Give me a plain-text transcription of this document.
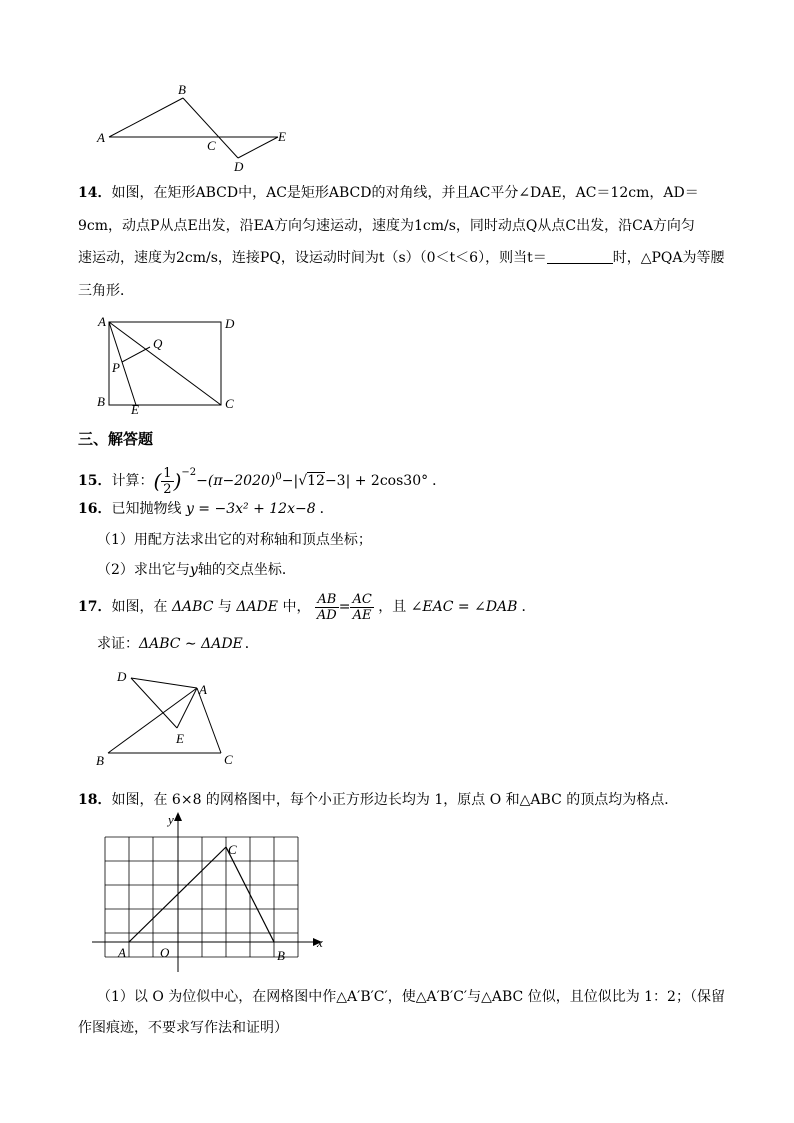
A
B
C
D
E
14．如图，在矩形ABCD中，AC是矩形ABCD的对角线，并且AC平分∠DAE，AC＝12cm，AD＝
9cm，动点P从点E出发，沿EA方向匀速运动，速度为1cm/s，同时动点Q从点C出发，沿CA方向匀
速运动，速度为2cm/s，连接PQ，设运动时间为t（s）（0＜t＜6），则当t＝	时，△PQA为等腰
三角形．
A	D
Q
P
B
E	C
三、解答题
15．计算：( $\frac{1}{2} )^{-2}-(\pi-2020)^0-|√12-3| + 2\cos 30^\circ$ ．
16．已知抛物线 y = −3x² + 12x−8 ．
（1）用配方法求出它的对称轴和顶点坐标；
（2）求出它与y轴的交点坐标．
17．如图，在 ΔABC 与 ΔADE 中， $\frac{AB}{AD} = \frac{AC}{AE}$ ，且 ∠EAC = ∠DAB ．
求证：ΔABC ∼ ΔADE ．
D
A
E
B	C
18．如图，在 6×8 的网格图中，每个小正方形边长均为 1，原点 O 和△ABC 的顶点均为格点．
y
x
C
A	O	B
（1）以 O 为位似中心，在网格图中作△A′B′C′，使△A′B′C′与△ABC 位似，且位似比为 1：2；（保留
作图痕迹，不要求写作法和证明）
